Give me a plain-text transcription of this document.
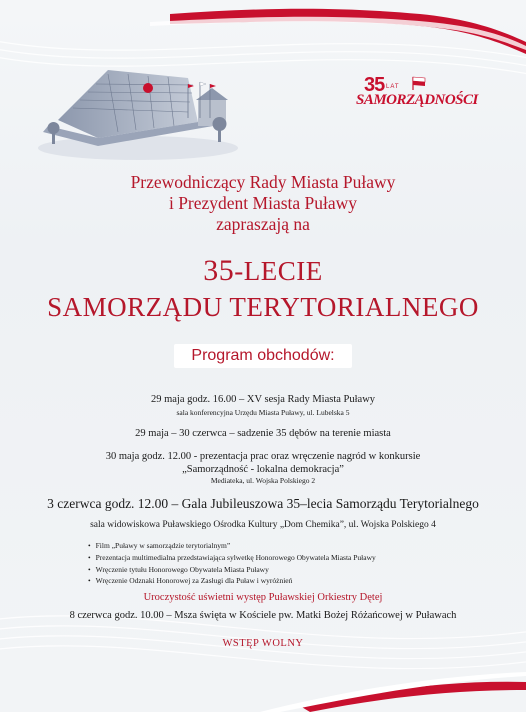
35 LAT
SAMORZĄDNOŚCI
Przewodniczący Rady Miasta Puławy
i Prezydent Miasta Puławy
zapraszają na
35-LECIE
SAMORZĄDU TERYTORIALNEGO
Program obchodów:
29 maja godz. 16.00 – XV sesja Rady Miasta Puławy
sala konferencyjna Urzędu Miasta Puławy, ul. Lubelska 5
29 maja – 30 czerwca – sadzenie 35 dębów na terenie miasta
30 maja godz. 12.00 - prezentacja prac oraz wręczenie nagród w konkursie
„Samorządność - lokalna demokracja”
Mediateka, ul. Wojska Polskiego 2
3 czerwca godz. 12.00 – Gala Jubileuszowa 35–lecia Samorządu Terytorialnego
sala widowiskowa Puławskiego Ośrodka Kultury „Dom Chemika”, ul. Wojska Polskiego 4
• Film „Puławy w samorządzie terytorialnym”
• Prezentacja multimedialna przedstawiająca sylwetkę Honorowego Obywatela Miasta Puławy
• Wręczenie tytułu Honorowego Obywatela Miasta Puławy
• Wręczenie Odznaki Honorowej za Zasługi dla Puław i wyróżnień
Uroczystość uświetni występ Puławskiej Orkiestry Dętej
8 czerwca godz. 10.00 – Msza święta w Kościele pw. Matki Bożej Różańcowej w Puławach
WSTĘP WOLNY
